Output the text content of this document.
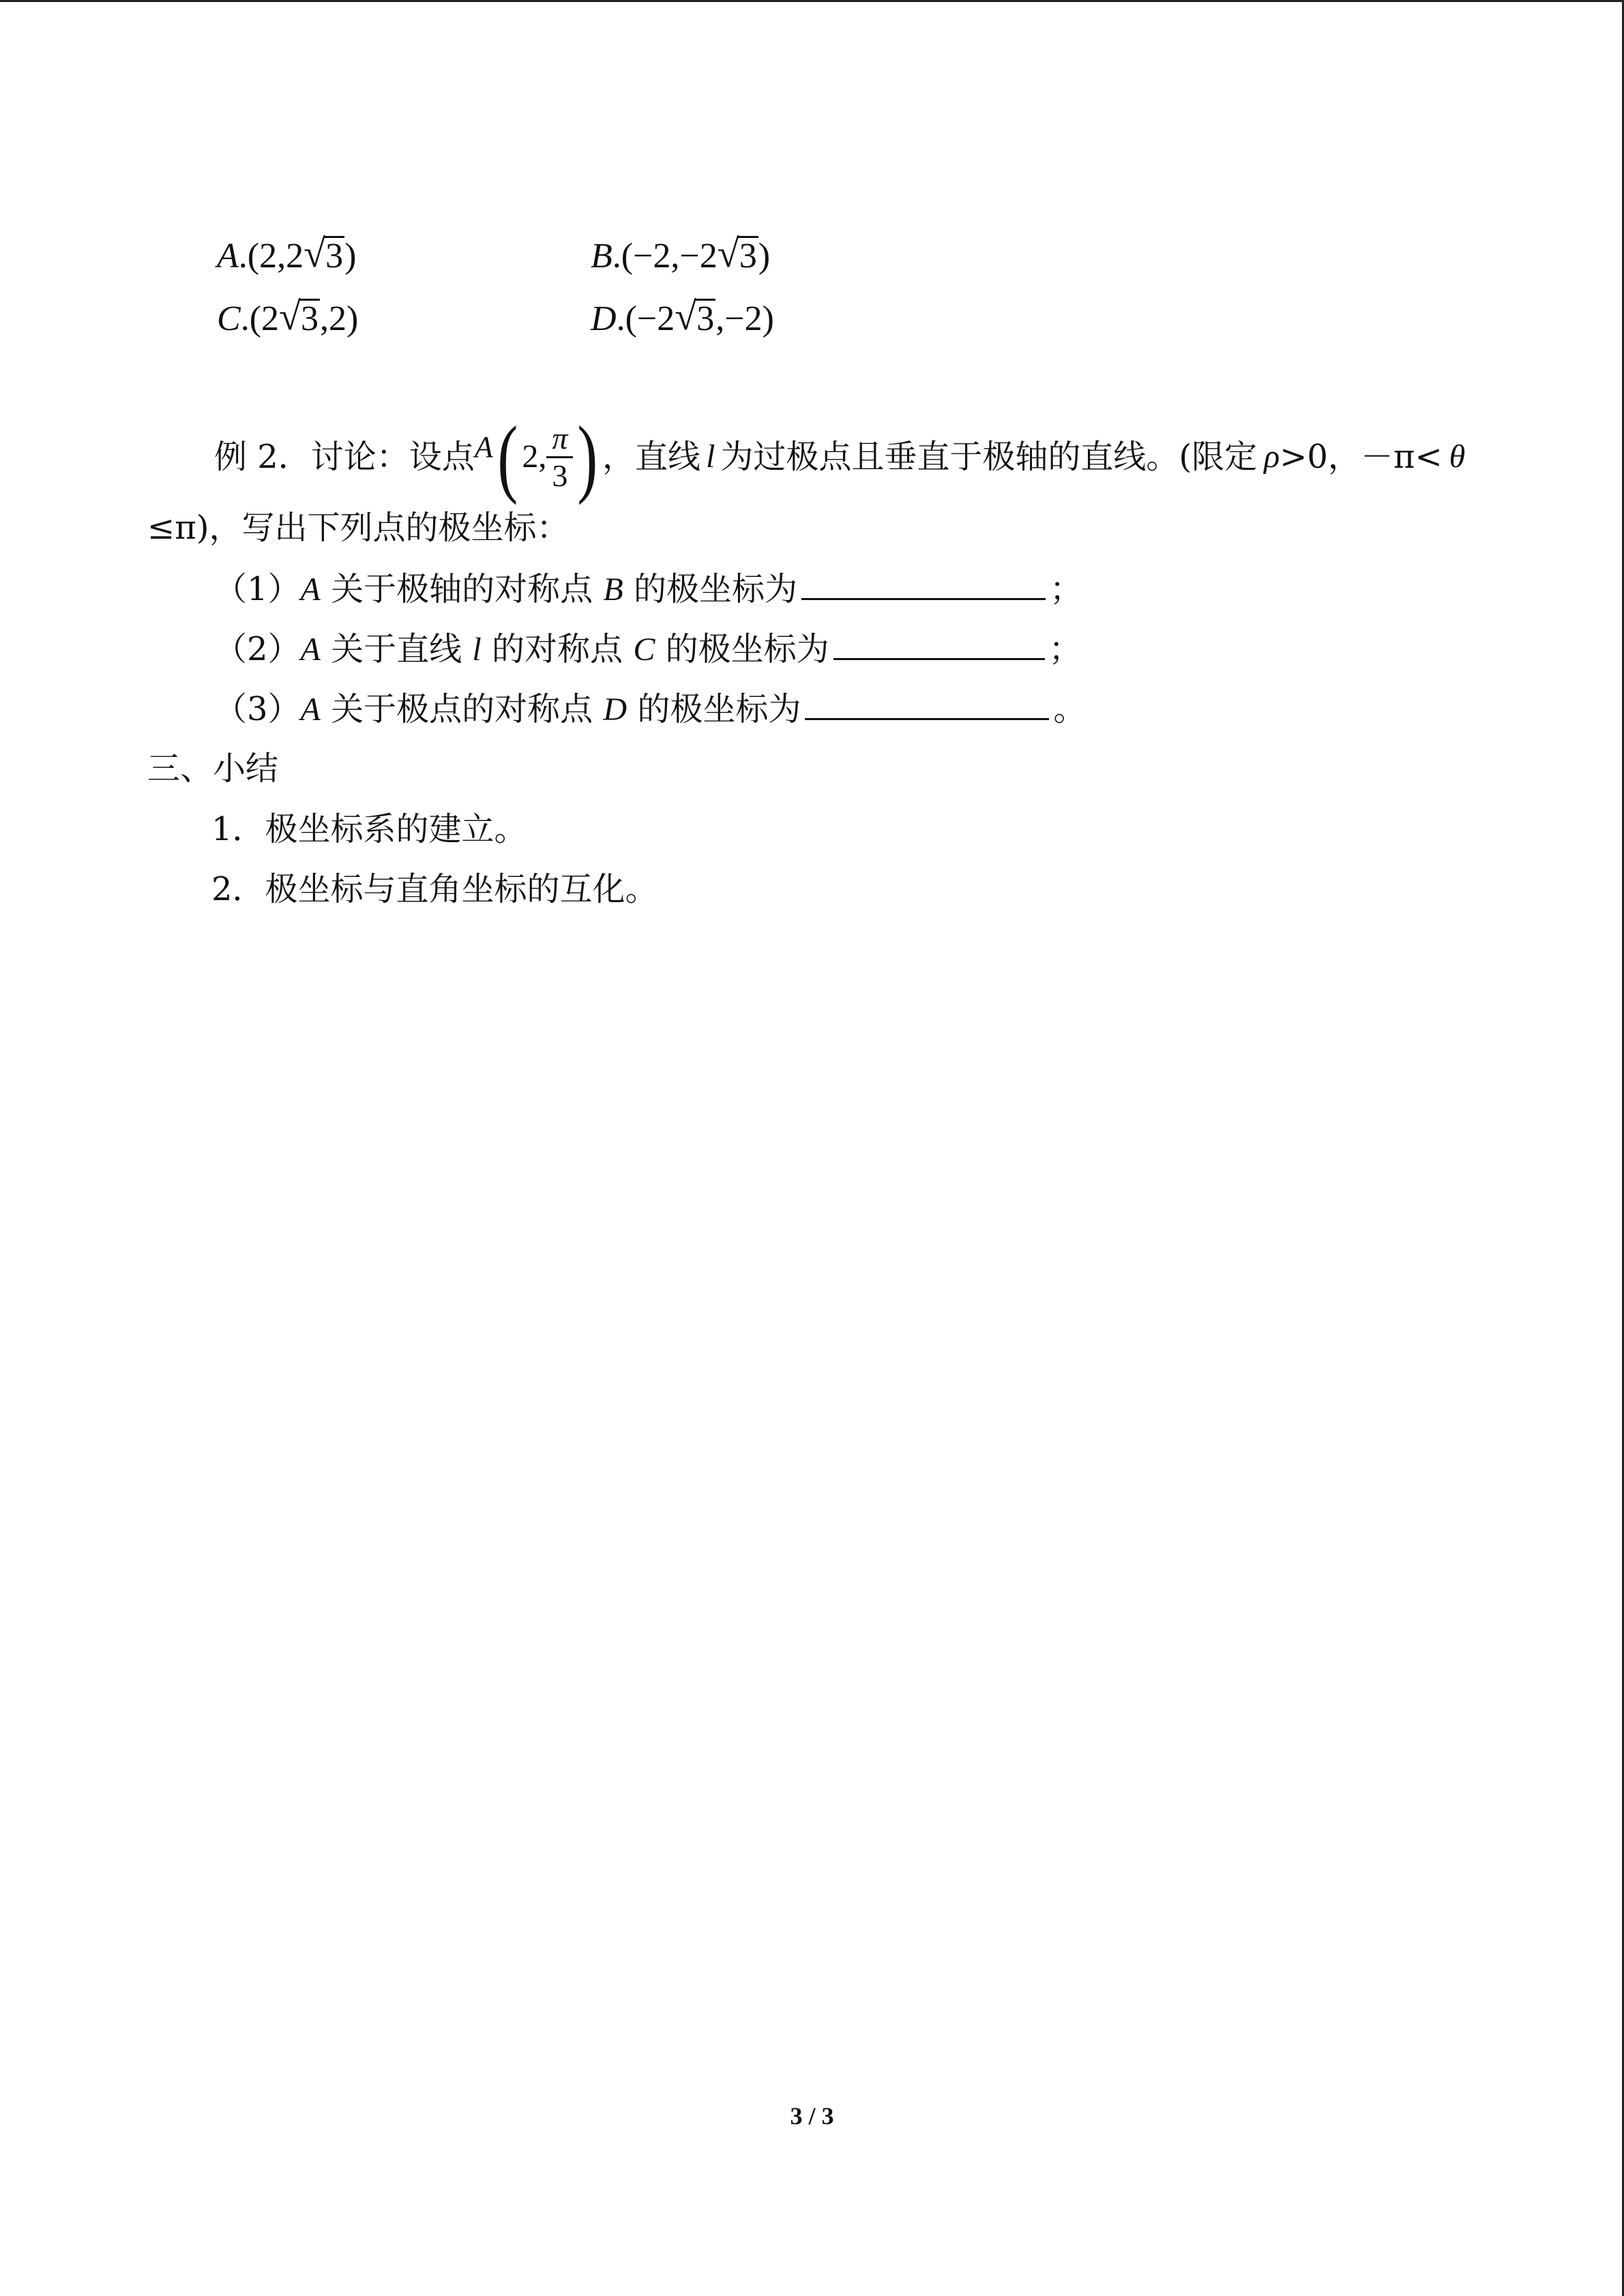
A.(2,2 √ 3)	B.(−2,−2 √ 3)
C.(2 √ 3,2)	D.(−2 √ 3,−2)
例 2．讨论：设点 A ( 2, $\frac{\pi}{3}$ ) ，直线 l 为过极点且垂直于极轴的直线。(限定 ρ >0，－π< θ
≤π)，写出下列点的极坐标：
（1）A 关于极轴的对称点 B 的极坐标为	；
（2）A 关于直线 l 的对称点 C 的极坐标为	；
（3）A 关于极点的对称点 D 的极坐标为	。
三、小结
1．极坐标系的建立。
2．极坐标与直角坐标的互化。
3 / 3
